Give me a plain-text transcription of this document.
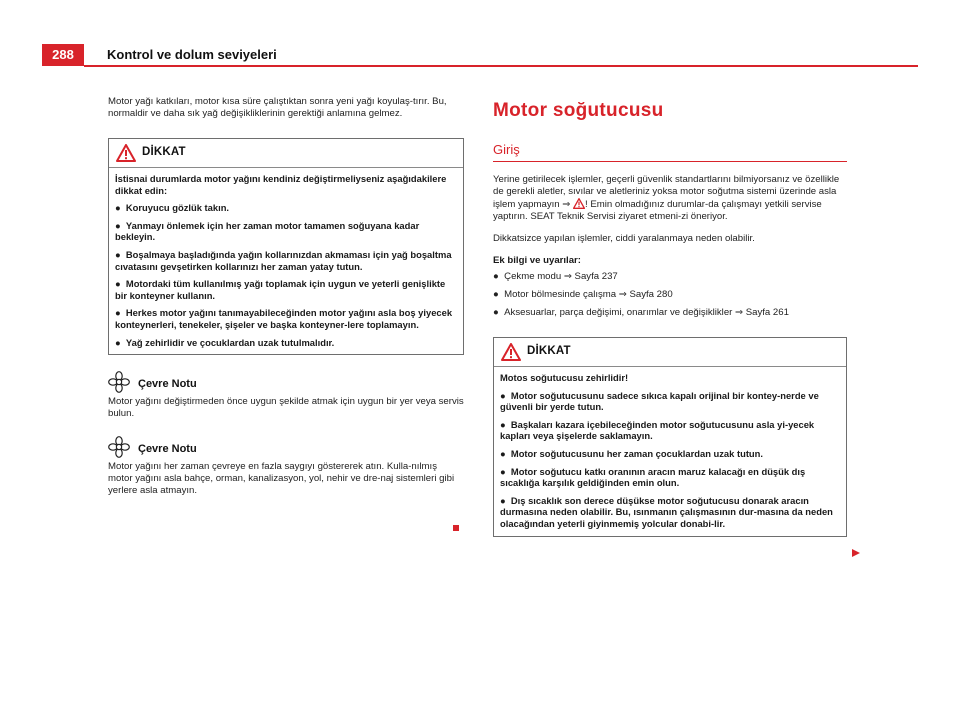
288	Kontrol ve dolum seviyeleri

Motor yağı katkıları, motor kısa süre çalıştıktan sonra yeni yağı koyulaş-tırır. Bu, normaldir ve daha sık yağ değişikliklerinin gerektiği anlamına gelmez.

DİKKAT

İstisnai durumlarda motor yağını kendiniz değiştirmeliyseniz aşağıdakilere dikkat edin:

● Koruyucu gözlük takın.

● Yanmayı önlemek için her zaman motor tamamen soğuyana kadar bekleyin.

● Boşalmaya başladığında yağın kollarınızdan akmaması için yağ boşaltma cıvatasını gevşetirken kollarınızı her zaman yatay tutun.

● Motordaki tüm kullanılmış yağı toplamak için uygun ve yeterli genişlikte bir konteyner kullanın.

● Herkes motor yağını tanımayabileceğinden motor yağını asla boş yiyecek konteynerleri, tenekeler, şişeler ve başka konteyner-lere toplamayın.

● Yağ zehirlidir ve çocuklardan uzak tutulmalıdır.

Çevre Notu

Motor yağını değiştirmeden önce uygun şekilde atmak için uygun bir yer veya servis bulun.

Çevre Notu

Motor yağını her zaman çevreye en fazla saygıyı göstererek atın. Kulla-nılmış motor yağını asla bahçe, orman, kanalizasyon, yol, nehir ve dre-naj sistemleri gibi yerlere asla atmayın.

Motor soğutucusu
Giriş

Yerine getirilecek işlemler, geçerli güvenlik standartlarını bilmiyorsanız ve özellikle de gerekli aletler, sıvılar ve aletleriniz yoksa motor soğutma sistemi üzerinde asla işlem yapmayın ⇒ ! Emin olmadığınız durumlar-da çalışmayı yetkili servise yaptırın. SEAT Teknik Servisi ziyaret etmeni-zi öneriyor.

Dikkatsizce yapılan işlemler, ciddi yaralanmaya neden olabilir.

Ek bilgi ve uyarılar:
● Çekme modu ⇒ Sayfa 237
● Motor bölmesinde çalışma ⇒ Sayfa 280
● Aksesuarlar, parça değişimi, onarımlar ve değişiklikler ⇒ Sayfa 261
DİKKAT

Motos soğutucusu zehirlidir!

● Motor soğutucusunu sadece sıkıca kapalı orijinal bir kontey-nerde ve güvenli bir yerde tutun.

● Başkaları kazara içebileceğinden motor soğutucusunu asla yi-yecek kapları veya şişelerde saklamayın.

● Motor soğutucusunu her zaman çocuklardan uzak tutun.

● Motor soğutucu katkı oranının aracın maruz kalacağı en düşük dış sıcaklığa karşılık geldiğinden emin olun.

● Dış sıcaklık son derece düşükse motor soğutucusu donarak aracın durmasına neden olabilir. Bu, ısınmanın çalışmasının dur-masına da neden olacağından yeterli giyinmemiş yolcular donabi-lir.
